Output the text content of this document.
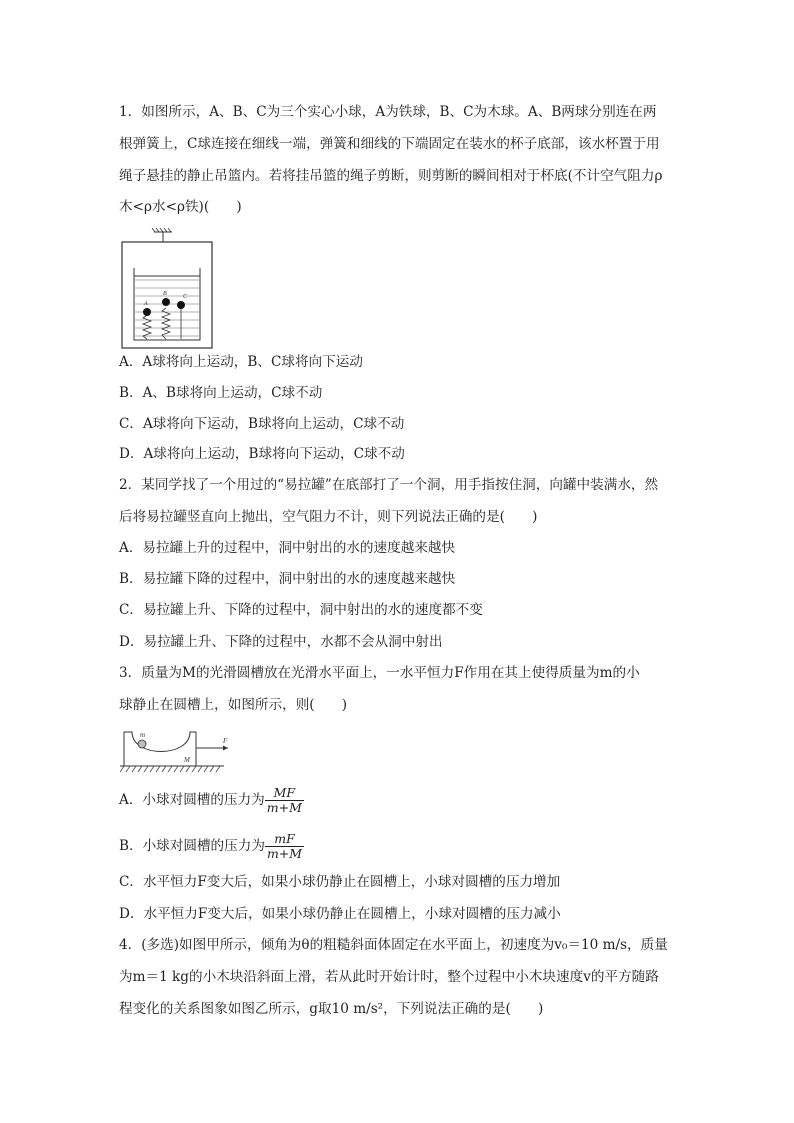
1．如图所示，A、B、C为三个实心小球，A为铁球，B、C为木球。A、B两球分别连在两
根弹簧上，C球连接在细线一端，弹簧和细线的下端固定在装水的杯子底部，该水杯置于用
绳子悬挂的静止吊篮内。若将挂吊篮的绳子剪断，则剪断的瞬间相对于杯底(不计空气阻力ρ
木<ρ水<ρ铁)(　　)
A
B	C
A．A球将向上运动，B、C球将向下运动
B．A、B球将向上运动，C球不动
C．A球将向下运动，B球将向上运动，C球不动
D．A球将向上运动，B球将向下运动，C球不动
2．某同学找了一个用过的“易拉罐”在底部打了一个洞，用手指按住洞，向罐中装满水，然
后将易拉罐竖直向上抛出，空气阻力不计，则下列说法正确的是(　　)
A．易拉罐上升的过程中，洞中射出的水的速度越来越快
B．易拉罐下降的过程中，洞中射出的水的速度越来越快
C．易拉罐上升、下降的过程中，洞中射出的水的速度都不变
D．易拉罐上升、下降的过程中，水都不会从洞中射出
3．质量为M的光滑圆槽放在光滑水平面上，一水平恒力F作用在其上使得质量为m的小
球静止在圆槽上，如图所示，则(　　)
m
M
F
A．小球对圆槽的压力为 $\frac{MF}{m+M}$
B．小球对圆槽的压力为 $\frac{mF}{m+M}$
C．水平恒力F变大后，如果小球仍静止在圆槽上，小球对圆槽的压力增加
D．水平恒力F变大后，如果小球仍静止在圆槽上，小球对圆槽的压力减小
4．(多选)如图甲所示，倾角为θ的粗糙斜面体固定在水平面上，初速度为v₀＝10 m/s，质量
为m＝1 kg的小木块沿斜面上滑，若从此时开始计时，整个过程中小木块速度v的平方随路
程变化的关系图象如图乙所示，g取10 m/s²，下列说法正确的是(　　)
